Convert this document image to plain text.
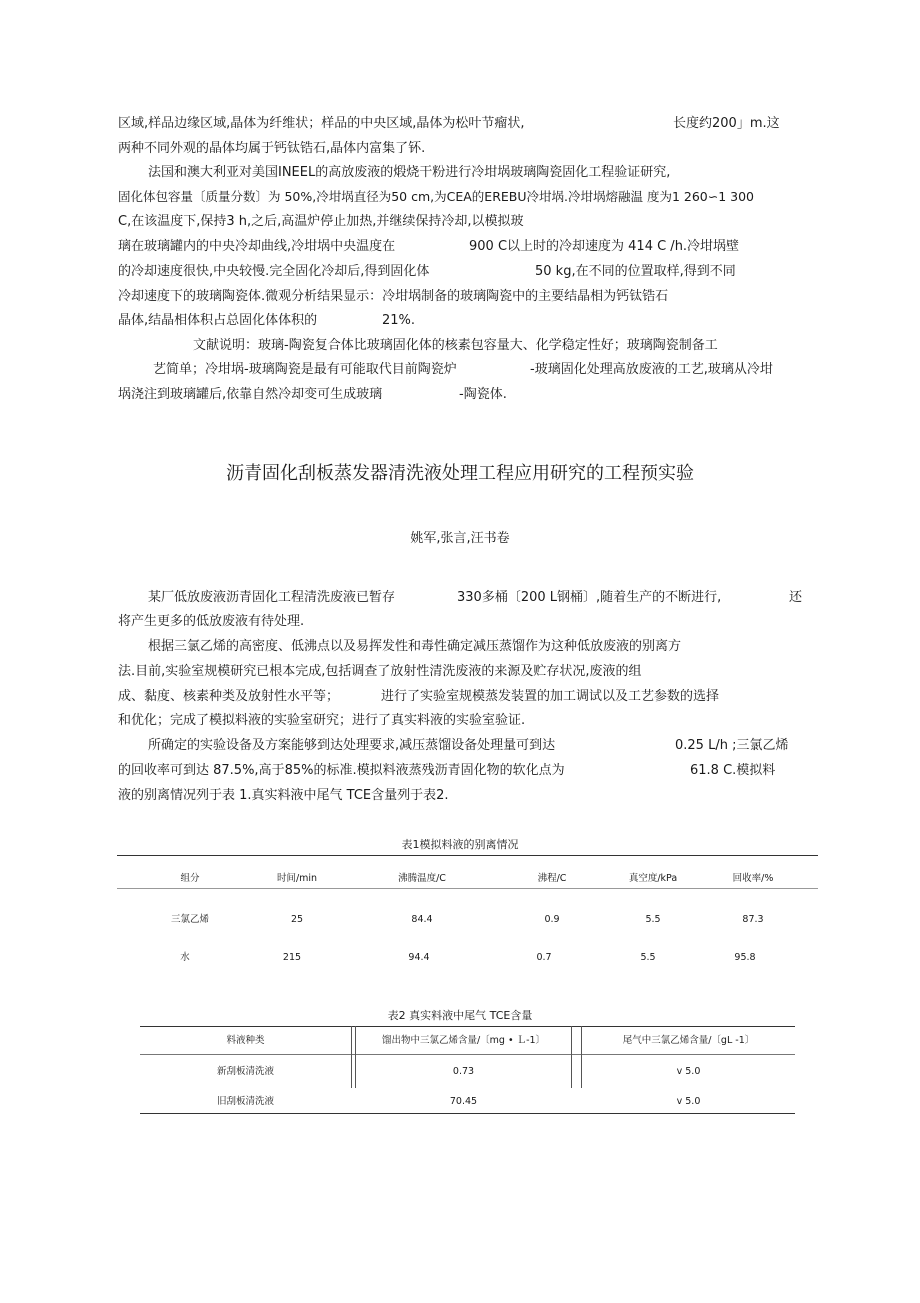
区域,样品边缘区域,晶体为纤维状；样品的中央区域,晶体为松叶节瘤状,	长度约200」m.这
两种不同外观的晶体均属于钙钛锆石,晶体内富集了钚.
法国和澳大利亚对美国INEEL的高放废液的煅烧干粉进行冷坩埚玻璃陶瓷固化工程验证研究,
固化体包容量〔质量分数〕为 50%,冷坩埚直径为50 cm,为CEA的EREBU冷坩埚.冷坩埚熔融温 度为1 260∽1 300
C,在该温度下,保持3 h,之后,高温炉停止加热,并继续保持冷却,以模拟玻
璃在玻璃罐内的中央冷却曲线,冷坩埚中央温度在	900 C以上时的冷却速度为 414 C /h.冷坩埚壁
的冷却速度很快,中央较慢.完全固化冷却后,得到固化体	50 kg,在不同的位置取样,得到不同
冷却速度下的玻璃陶瓷体.微观分析结果显示：冷坩埚制备的玻璃陶瓷中的主要结晶相为钙钛锆石
晶体,结晶相体积占总固化体体积的	21%.
文献说明：玻璃-陶瓷复合体比玻璃固化体的核素包容量大、化学稳定性好；玻璃陶瓷制备工
艺简单；冷坩埚-玻璃陶瓷是最有可能取代目前陶瓷炉	-玻璃固化处理高放废液的工艺,玻璃从冷坩
埚浇注到玻璃罐后,依靠自然冷却变可生成玻璃	-陶瓷体.
沥青固化刮板蒸发器清洗液处理工程应用研究的工程预实验
姚军,张言,汪书卷
某厂低放废液沥青固化工程清洗废液已暂存	330多桶〔200 L钢桶〕,随着生产的不断进行,	还
将产生更多的低放废液有待处理.
根据三氯乙烯的高密度、低沸点以及易挥发性和毒性确定减压蒸馏作为这种低放废液的别离方
法.目前,实验室规模研究已根本完成,包括调查了放射性清洗废液的来源及贮存状况,废液的组
成、黏度、核素种类及放射性水平等；	进行了实验室规模蒸发装置的加工调试以及工艺参数的选择
和优化；完成了模拟料液的实验室研究；进行了真实料液的实验室验证.
所确定的实验设备及方案能够到达处理要求,减压蒸馏设备处理量可到达	0.25 L/h ;三氯乙烯
的回收率可到达 87.5%,高于85%的标准.模拟料液蒸残沥青固化物的软化点为	61.8 C.模拟料
液的别离情况列于表 1.真实料液中尾气 TCE含量列于表2.
表1模拟料液的别离情况
组分	时间/min	沸腾温度/C	沸程/C	真空度/kPa	回收率/%
三氯乙烯	25	84.4	0.9	5.5	87.3
水	215	94.4	0.7	5.5	95.8
表2 真实料液中尾气 TCE含量
料液种类	馏出物中三氯乙烯含量/〔mg • Ｌ-1〕	尾气中三氯乙烯含量/〔gL -1〕
新刮板清洗液	0.73	v 5.0
旧刮板清洗液	70.45	v 5.0
